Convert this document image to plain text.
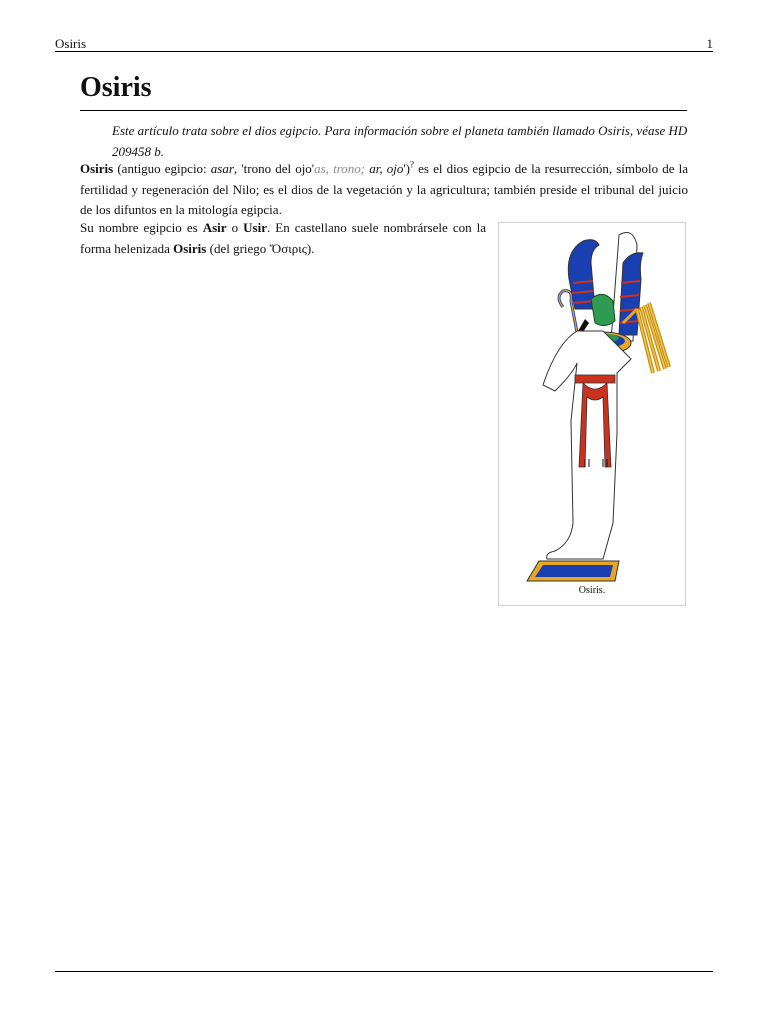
Osiris	1
Osiris
Este artículo trata sobre el dios egipcio. Para información sobre el planeta también llamado Osiris, véase HD 209458 b.
Osiris (antiguo egipcio: asar, 'trono del ojo'as, trono; ar, ojo')? es el dios egipcio de la resurrección, símbolo de la fertilidad y regeneración del Nilo; es el dios de la vegetación y la agricultura; también preside el tribunal del juicio de los difuntos en la mitología egipcia.
Su nombre egipcio es Asir o Usir. En castellano suele nombrársele con la forma helenizada Osiris (del griego Ὄσιρις).
Osiris.
